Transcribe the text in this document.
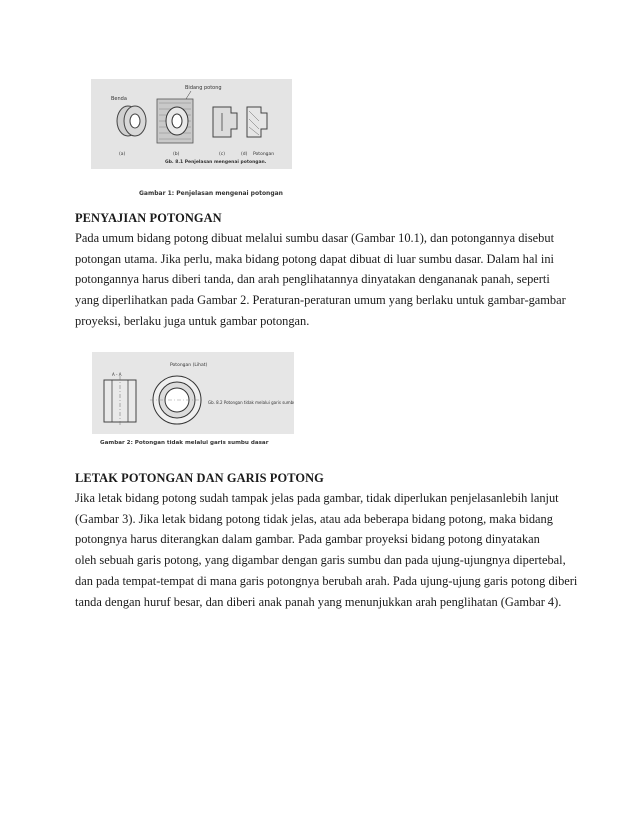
Benda
Bidang potong
(a)	(b)	(c)	(d) Potongan
Gb. 8.1 Penjelasan mengenai potongan.
Gambar 1: Penjelasan mengenai potongan
PENYAJIAN POTONGAN
Pada umum bidang potong dibuat melalui sumbu dasar (Gambar 10.1), dan potongannya disebut
potongan utama. Jika perlu, maka bidang potong dapat dibuat di luar sumbu dasar. Dalam hal ini
potongannya harus diberi tanda, dan arah penglihatannya dinyatakan dengananak panah, seperti
yang diperlihatkan pada Gambar 2. Peraturan-peraturan umum yang berlaku untuk gambar-gambar
proyeksi, berlaku juga untuk gambar potongan.
A - A
Potongan (Lihat)
Gb. 8.2 Potongan tidak melalui garis sumbu
Gambar 2: Potongan tidak melalui garis sumbu dasar
LETAK POTONGAN DAN GARIS POTONG
Jika letak bidang potong sudah tampak jelas pada gambar, tidak diperlukan penjelasanlebih lanjut
(Gambar 3). Jika letak bidang potong tidak jelas, atau ada beberapa bidang potong, maka bidang
potongnya harus diterangkan dalam gambar. Pada gambar proyeksi bidang potong dinyatakan
oleh sebuah garis potong, yang digambar dengan garis sumbu dan pada ujung-ujungnya dipertebal,
dan pada tempat-tempat di mana garis potongnya berubah arah. Pada ujung-ujung garis potong diberi
tanda dengan huruf besar, dan diberi anak panah yang menunjukkan arah penglihatan (Gambar 4).
